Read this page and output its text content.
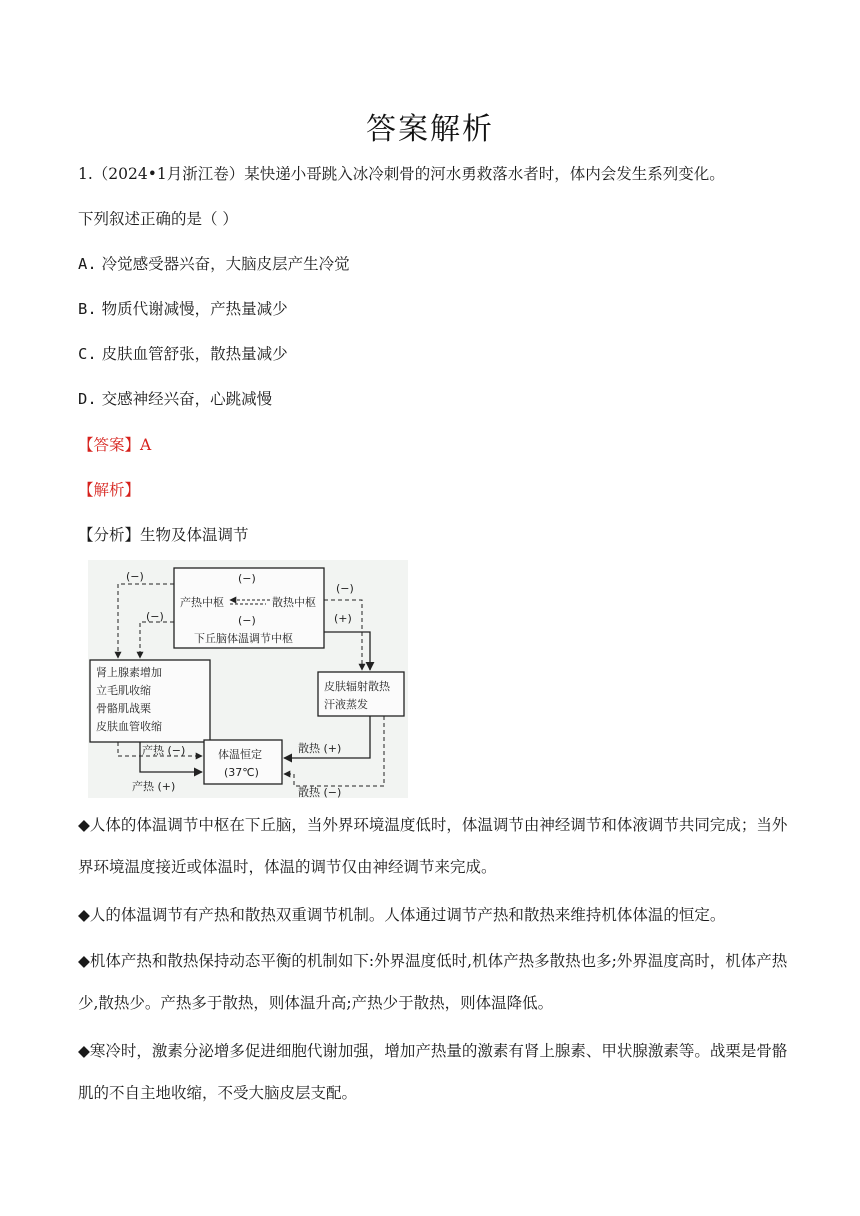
答案解析
1.（2024•1月浙江卷）某快递小哥跳入冰冷刺骨的河水勇救落水者时，体内会发生系列变化。
下列叙述正确的是（ ）
A. 冷觉感受器兴奋，大脑皮层产生冷觉
B. 物质代谢减慢，产热量减少
C. 皮肤血管舒张，散热量减少
D. 交感神经兴奋，心跳减慢
【答案】A
【解析】
【分析】生物及体温调节
(−)
产热中枢	散热中枢
(−)
下丘脑体温调节中枢
(−)
(−)
(−)
(+)
肾上腺素增加
立毛肌收缩
骨骼肌战栗
皮肤血管收缩
皮肤辐射散热
汗液蒸发
体温恒定
(37℃)
产热 (−)
产热 (+)
散热 (+)
散热 (−)
◆人体的体温调节中枢在下丘脑，当外界环境温度低时，体温调节由神经调节和体液调节共同完成；当外界环境温度接近或体温时，体温的调节仅由神经调节来完成。
◆人的体温调节有产热和散热双重调节机制。人体通过调节产热和散热来维持机体体温的恒定。
◆机体产热和散热保持动态平衡的机制如下:外界温度低时,机体产热多散热也多;外界温度高时，机体产热少,散热少。产热多于散热，则体温升高;产热少于散热，则体温降低。
◆寒冷时，激素分泌增多促进细胞代谢加强，增加产热量的激素有肾上腺素、甲状腺激素等。战栗是骨骼肌的不自主地收缩，不受大脑皮层支配。
